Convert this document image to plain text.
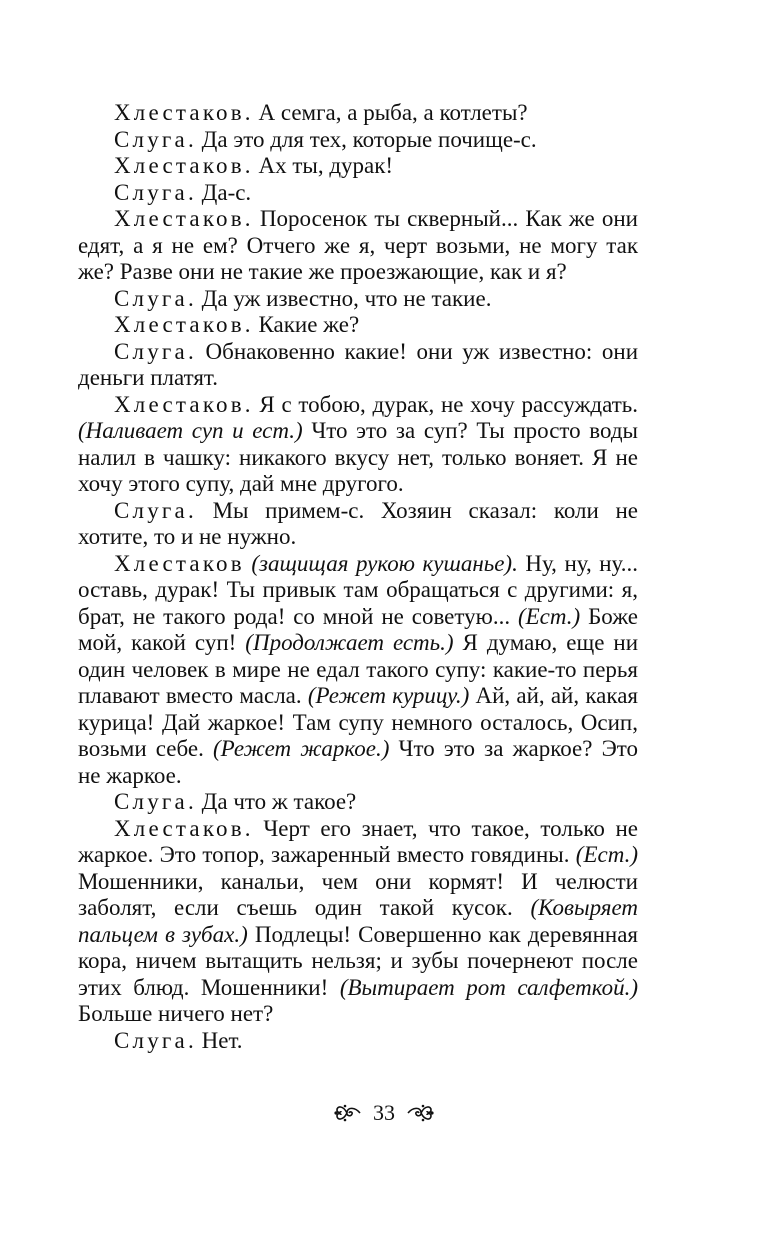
Хлестаков. А семга, а рыба, а котлеты?

Слуга. Да это для тех, которые почище-с.

Хлестаков. Ах ты, дурак!

Слуга. Да-с.

Хлестаков. Поросенок ты скверный... Как же они едят, а я не ем? Отчего же я, черт возьми, не могу так же? Разве они не такие же проезжающие, как и я?

Слуга. Да уж известно, что не такие.

Хлестаков. Какие же?

Слуга. Обнаковенно какие! они уж известно: они деньги платят.

Хлестаков. Я с тобою, дурак, не хочу рассуждать. (Наливает суп и ест.) Что это за суп? Ты просто воды налил в чашку: никакого вкусу нет, только воняет. Я не хочу этого супу, дай мне другого.

Слуга. Мы примем-с. Хозяин сказал: коли не хотите, то и не нужно.

Хлестаков (защищая рукою кушанье). Ну, ну, ну... оставь, дурак! Ты привык там обращаться с другими: я, брат, не такого рода! со мной не советую... (Ест.) Боже мой, какой суп! (Продолжает есть.) Я думаю, еще ни один человек в мире не едал такого супу: какие-то перья плавают вместо масла. (Режет курицу.) Ай, ай, ай, какая курица! Дай жаркое! Там супу немного осталось, Осип, возьми себе. (Режет жаркое.) Что это за жаркое? Это не жаркое.

Слуга. Да что ж такое?

Хлестаков. Черт его знает, что такое, только не жаркое. Это топор, зажаренный вместо говядины. (Ест.) Мошенники, канальи, чем они кормят! И челюсти заболят, если съешь один такой кусок. (Ковыряет пальцем в зубах.) Подлецы! Совершенно как деревянная кора, ничем вытащить нельзя; и зубы почернеют после этих блюд. Мошенники! (Вытирает рот салфеткой.) Больше ничего нет?

Слуга. Нет.

33
